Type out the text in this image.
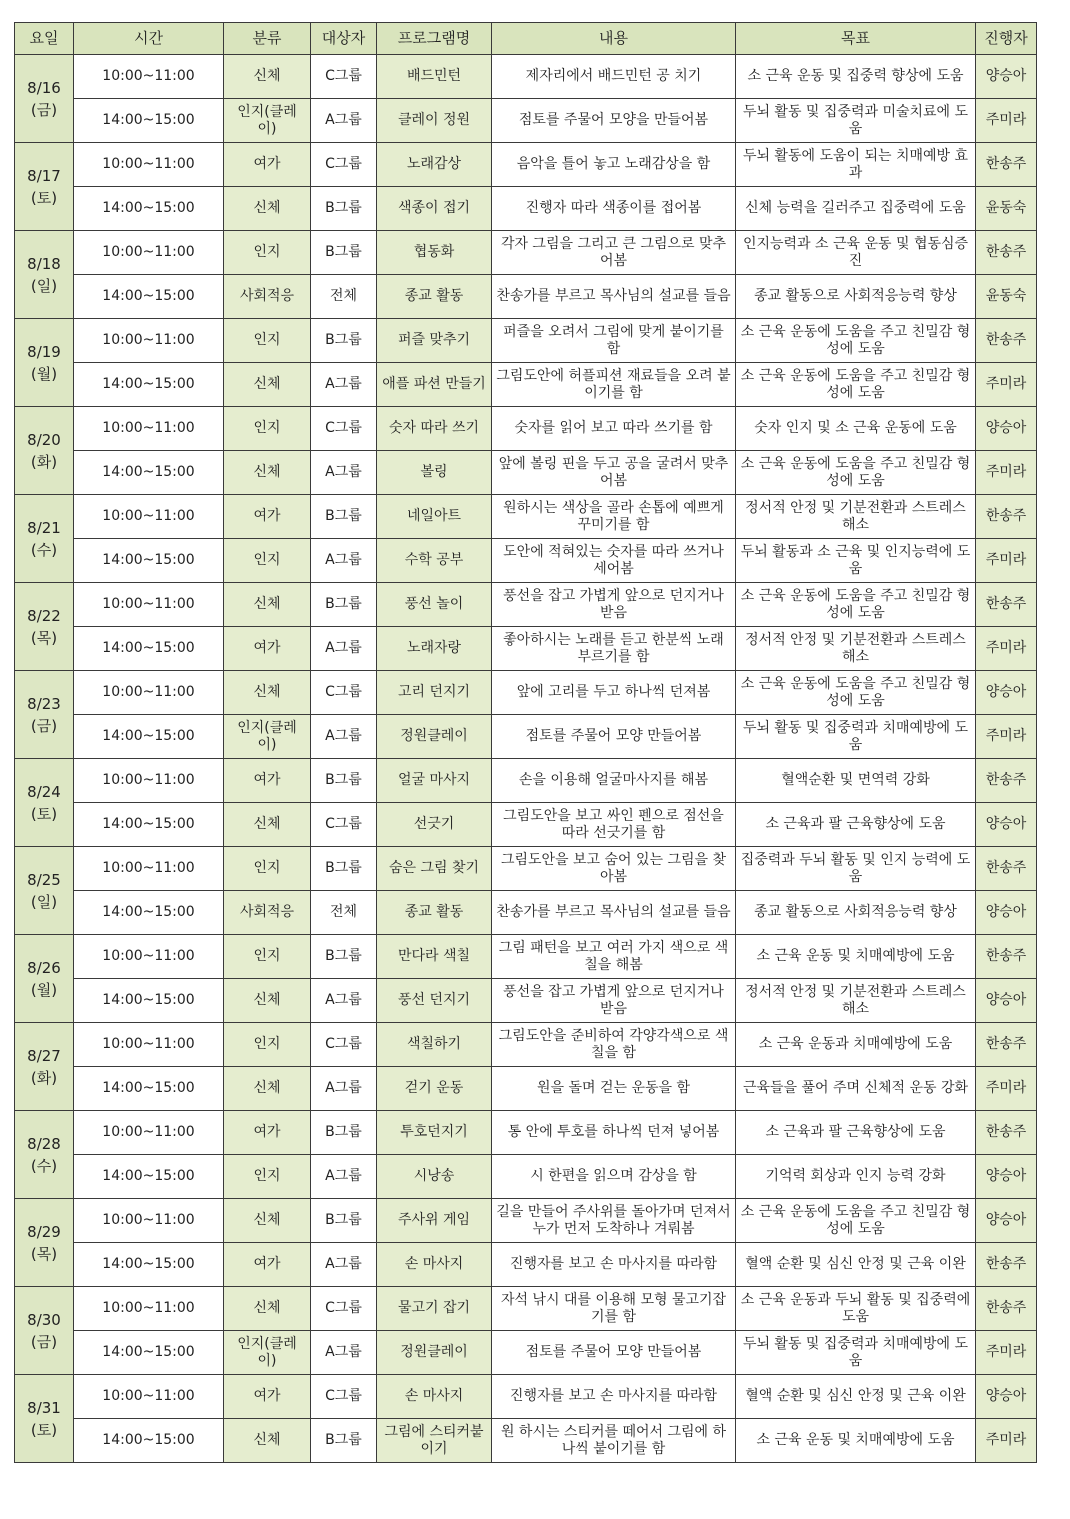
요일	시간	분류	대상자	프로그램명	내용	목표	진행자

8/16
(금)	10:00~11:00	신체	C그룹	배드민턴	제자리에서 배드민턴 공 치기	소 근육 운동 및 집중력 향상에 도움	양승아
	14:00~15:00	인지(클레이)	A그룹	클레이 정원	점토를 주물어 모양을 만들어봄	두뇌 활동 및 집중력과 미술치료에 도움	주미라

8/17
(토)	10:00~11:00	여가	C그룹	노래감상	음악을 틀어 놓고 노래감상을 함	두뇌 활동에 도움이 되는 치매예방 효과	한송주
	14:00~15:00	신체	B그룹	색종이 접기	진행자 따라 색종이를 접어봄	신체 능력을 길러주고 집중력에 도움	윤동숙

8/18
(일)	10:00~11:00	인지	B그룹	협동화	각자 그림을 그리고 큰 그림으로 맞추어봄	인지능력과 소 근육 운동 및 협동심증진	한송주
	14:00~15:00	사회적응	전체	종교 활동	찬송가를 부르고 목사님의 설교를 들음	종교 활동으로 사회적응능력 향상	윤동숙

8/19
(월)	10:00~11:00	인지	B그룹	퍼즐 맞추기	퍼즐을 오려서 그림에 맞게 붙이기를 함	소 근육 운동에 도움을 주고 친밀감 형성에 도움	한송주
	14:00~15:00	신체	A그룹	애플 파션 만들기	그림도안에 허플피션 재료들을 오려 붙이기를 함	소 근육 운동에 도움을 주고 친밀감 형성에 도움	주미라

8/20
(화)	10:00~11:00	인지	C그룹	숫자 따라 쓰기	숫자를 읽어 보고 따라 쓰기를 함	숫자 인지 및 소 근육 운동에 도움	양승아
	14:00~15:00	신체	A그룹	볼링	앞에 볼링 핀을 두고 공을 굴려서 맞추어봄	소 근육 운동에 도움을 주고 친밀감 형성에 도움	주미라

8/21
(수)	10:00~11:00	여가	B그룹	네일아트	원하시는 색상을 골라 손톱에 예쁘게 꾸미기를 함	정서적 안정 및 기분전환과 스트레스 해소	한송주
	14:00~15:00	인지	A그룹	수학 공부	도안에 적혀있는 숫자를 따라 쓰거나 세어봄	두뇌 활동과 소 근육 및 인지능력에 도움	주미라

8/22
(목)	10:00~11:00	신체	B그룹	풍선 놀이	풍선을 잡고 가볍게 앞으로 던지거나 받음	소 근육 운동에 도움을 주고 친밀감 형성에 도움	한송주
	14:00~15:00	여가	A그룹	노래자랑	좋아하시는 노래를 듣고 한분씩 노래 부르기를 함	정서적 안정 및 기분전환과 스트레스 해소	주미라

8/23
(금)	10:00~11:00	신체	C그룹	고리 던지기	앞에 고리를 두고 하나씩 던져봄	소 근육 운동에 도움을 주고 친밀감 형성에 도움	양승아
	14:00~15:00	인지(클레이)	A그룹	정원클레이	점토를 주물어 모양 만들어봄	두뇌 활동 및 집중력과 치매예방에 도움	주미라

8/24
(토)	10:00~11:00	여가	B그룹	얼굴 마사지	손을 이용해 얼굴마사지를 해봄	혈액순환 및 면역력 강화	한송주
	14:00~15:00	신체	C그룹	선긋기	그림도안을 보고 싸인 펜으로 점선을 따라 선긋기를 함	소 근육과 팔 근육향상에 도움	양승아

8/25
(일)	10:00~11:00	인지	B그룹	숨은 그림 찾기	그림도안을 보고 숨어 있는 그림을 찾아봄	집중력과 두뇌 활동 및 인지 능력에 도움	한송주
	14:00~15:00	사회적응	전체	종교 활동	찬송가를 부르고 목사님의 설교를 들음	종교 활동으로 사회적응능력 향상	양승아

8/26
(월)	10:00~11:00	인지	B그룹	만다라 색칠	그림 패턴을 보고 여러 가지 색으로 색칠을 해봄	소 근육 운동 및 치매예방에 도움	한송주
	14:00~15:00	신체	A그룹	풍선 던지기	풍선을 잡고 가볍게 앞으로 던지거나 받음	정서적 안정 및 기분전환과 스트레스 해소	양승아

8/27
(화)	10:00~11:00	인지	C그룹	색칠하기	그림도안을 준비하여 각양각색으로 색칠을 함	소 근육 운동과 치매예방에 도움	한송주
	14:00~15:00	신체	A그룹	걷기 운동	원을 돌며 걷는 운동을 함	근육들을 풀어 주며 신체적 운동 강화	주미라

8/28
(수)	10:00~11:00	여가	B그룹	투호던지기	통 안에 투호를 하나씩 던져 넣어봄	소 근육과 팔 근육향상에 도움	한송주
	14:00~15:00	인지	A그룹	시낭송	시 한편을 읽으며 감상을 함	기억력 회상과 인지 능력 강화	양승아

8/29
(목)	10:00~11:00	신체	B그룹	주사위 게임	길을 만들어 주사위를 돌아가며 던져서 누가 먼저 도착하나 겨뤄봄	소 근육 운동에 도움을 주고 친밀감 형성에 도움	양승아
	14:00~15:00	여가	A그룹	손 마사지	진행자를 보고 손 마사지를 따라함	혈액 순환 및 심신 안정 및 근육 이완	한송주

8/30
(금)	10:00~11:00	신체	C그룹	물고기 잡기	자석 낚시 대를 이용해 모형 물고기잡기를 함	소 근육 운동과 두뇌 활동 및 집중력에 도움	한송주
	14:00~15:00	인지(클레이)	A그룹	정원클레이	점토를 주물어 모양 만들어봄	두뇌 활동 및 집중력과 치매예방에 도움	주미라

8/31
(토)	10:00~11:00	여가	C그룹	손 마사지	진행자를 보고 손 마사지를 따라함	혈액 순환 및 심신 안정 및 근육 이완	양승아
	14:00~15:00	신체	B그룹	그림에 스티커붙이기	원 하시는 스티커를 떼어서 그림에 하나씩 붙이기를 함	소 근육 운동 및 치매예방에 도움	주미라
